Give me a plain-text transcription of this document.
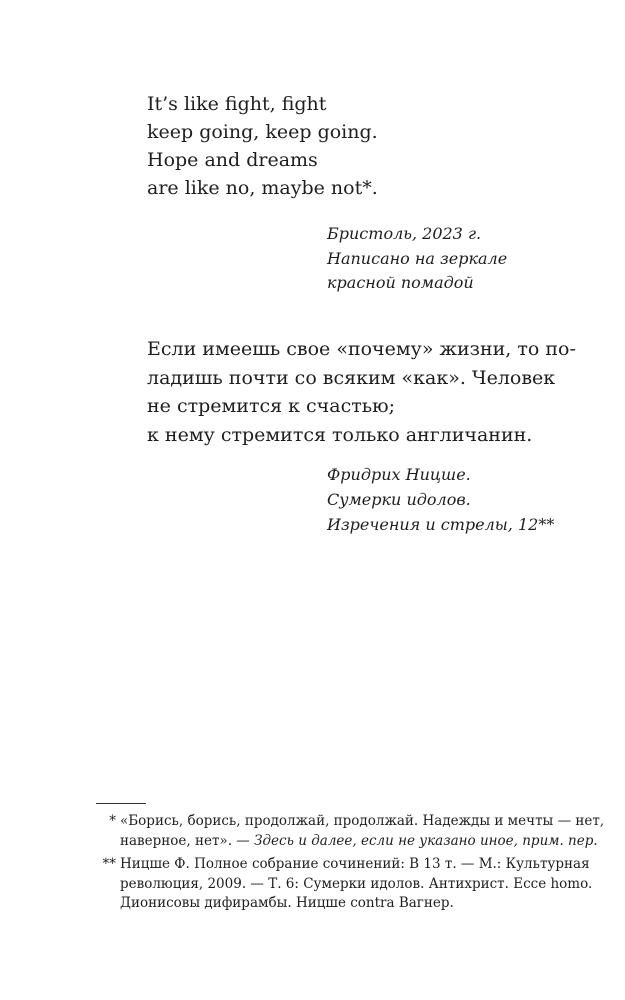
It’s like fight, fight
keep going, keep going.
Hope and dreams
are like no, maybe not*.
Бристоль, 2023 г.
Написано на зеркале
красной помадой
Если имеешь свое «почему» жизни, то по-
ладишь почти со всяким «как». Человек
не стремится к счастью;
к нему стремится только англичанин.
Фридрих Ницше.
Сумерки идолов.
Изречения и стрелы, 12**
* «Борись, борись, продолжай, продолжай. Надежды и мечты — нет,
наверное, нет». — Здесь и далее, если не указано иное, прим. пер.
** Ницше Ф. Полное собрание сочинений: В 13 т. — М.: Культурная
революция, 2009. — Т. 6: Сумерки идолов. Антихрист. Ecce homo.
Дионисовы дифирамбы. Ницше contra Вагнер.
